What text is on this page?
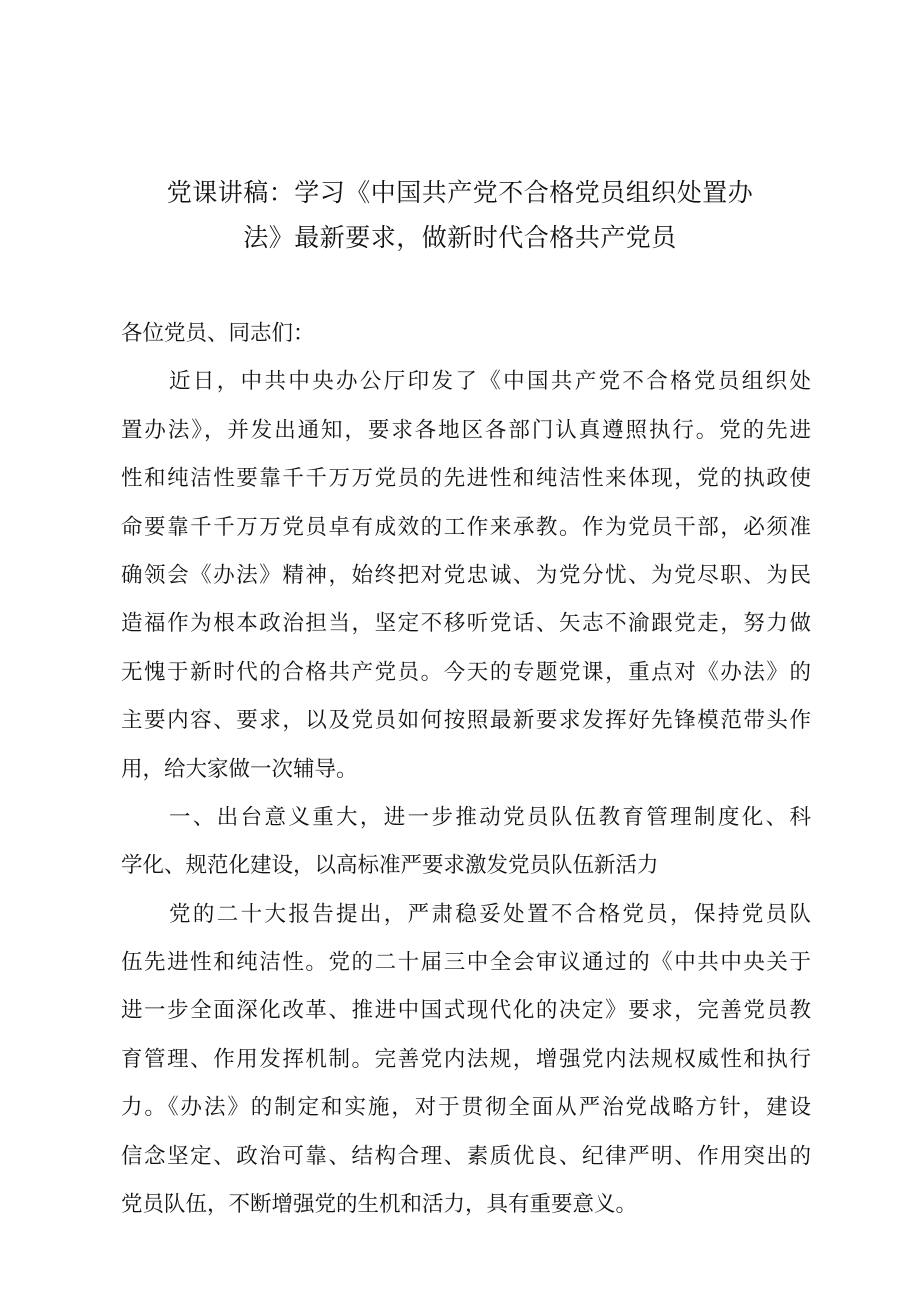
党课讲稿：学习《中国共产党不合格党员组织处置办
法》最新要求，做新时代合格共产党员
各位党员、同志们：
近日，中共中央办公厅印发了《中国共产党不合格党员组织处
置办法》，并发出通知，要求各地区各部门认真遵照执行。党的先进
性和纯洁性要靠千千万万党员的先进性和纯洁性来体现，党的执政使
命要靠千千万万党员卓有成效的工作来承教。作为党员干部，必须准
确领会《办法》精神，始终把对党忠诚、为党分忧、为党尽职、为民
造福作为根本政治担当，坚定不移听党话、矢志不渝跟党走，努力做
无愧于新时代的合格共产党员。今天的专题党课，重点对《办法》的
主要内容、要求，以及党员如何按照最新要求发挥好先锋模范带头作
用，给大家做一次辅导。
一、出台意义重大，进一步推动党员队伍教育管理制度化、科
学化、规范化建设，以高标准严要求激发党员队伍新活力
党的二十大报告提出，严肃稳妥处置不合格党员，保持党员队
伍先进性和纯洁性。党的二十届三中全会审议通过的《中共中央关于
进一步全面深化改革、推进中国式现代化的决定》要求，完善党员教
育管理、作用发挥机制。完善党内法规，增强党内法规权威性和执行
力。《办法》的制定和实施，对于贯彻全面从严治党战略方针，建设
信念坚定、政治可靠、结构合理、素质优良、纪律严明、作用突出的
党员队伍，不断增强党的生机和活力，具有重要意义。
